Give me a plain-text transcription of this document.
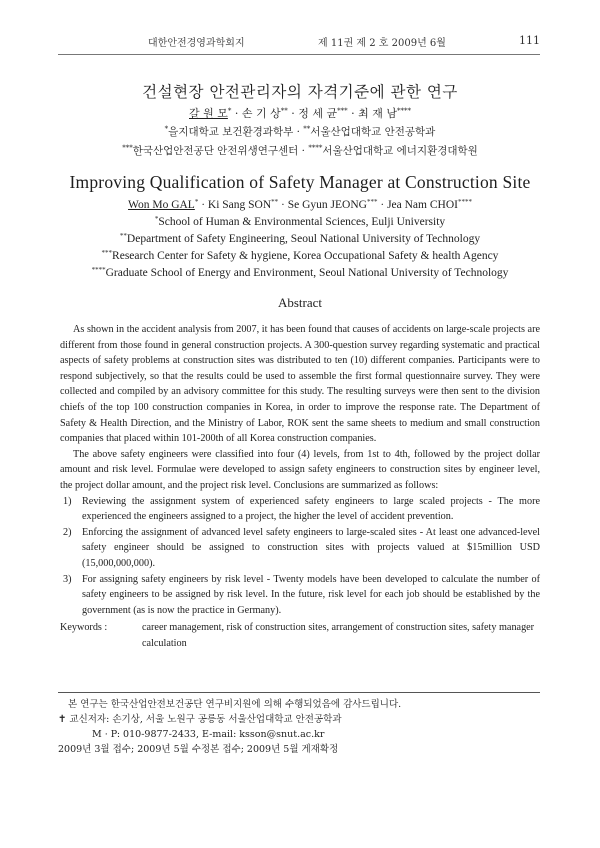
대한안전경영과학회지	제 11권 제 2 호 2009년 6월	111
건설현장 안전관리자의 자격기준에 관한 연구
갈 원 모* · 손 기 상** · 정 세 균*** · 최 재 남****
*을지대학교 보건환경과학부 · **서울산업대학교 안전공학과
***한국산업안전공단 안전위생연구센터 · ****서울산업대학교 에너지환경대학원
Improving Qualification of Safety Manager at Construction Site
Won Mo GAL* · Ki Sang SON** · Se Gyun JEONG*** · Jea Nam CHOI****
*School of Human & Environmental Sciences, Eulji University
**Department of Safety Engineering, Seoul National University of Technology
***Research Center for Safety & hygiene, Korea Occupational Safety & health Agency
****Graduate School of Energy and Environment, Seoul National University of Technology
Abstract

As shown in the accident analysis from 2007, it has been found that causes of accidents on large-scale projects are different from those found in general construction projects. A 300-question survey regarding systematic and practical aspects of safety problems at construction sites was distributed to ten (10) different companies. Participants were to respond subjectively, so that the results could be used to assemble the first formal questionnaire survey. They were collected and compiled by an advisory committee for this study. The resulting surveys were then sent to the division chiefs of the top 100 construction companies in Korea, in order to improve the response rate. The Department of Safety & Health Direction, and the Ministry of Labor, ROK sent the same sheets to medium and small construction companies that placed within 101-200th of all Korea construction companies.

The above safety engineers were classified into four (4) levels, from 1st to 4th, followed by the project dollar amount and risk level. Formulae were developed to assign safety engineers to construction sites by engineer level, the project dollar amount, and the project risk level. Conclusions are summarized as follows:

1) Reviewing the assignment system of experienced safety engineers to large scaled projects - The more experienced the engineers assigned to a project, the higher the level of accident prevention.
2) Enforcing the assignment of advanced level safety engineers to large-scaled sites - At least one advanced-level safety engineer should be assigned to construction sites with projects valued at $15million USD (15,000,000,000).
3) For assigning safety engineers by risk level - Twenty models have been developed to calculate the number of safety engineers to be assigned by risk level. In the future, risk level for each job should be established by the government (as is now the practice in Germany).
Keywords :	career management, risk of construction sites, arrangement of construction sites, safety manager calculation
본 연구는 한국산업안전보건공단 연구비지원에 의해 수행되었음에 감사드립니다.
✝ 교신저자: 손기상, 서울 노원구 공릉동 서울산업대학교 안전공학과
M · P: 010-9877-2433, E-mail: ksson@snut.ac.kr
2009년 3월 접수; 2009년 5월 수정본 접수; 2009년 5월 게재확정
